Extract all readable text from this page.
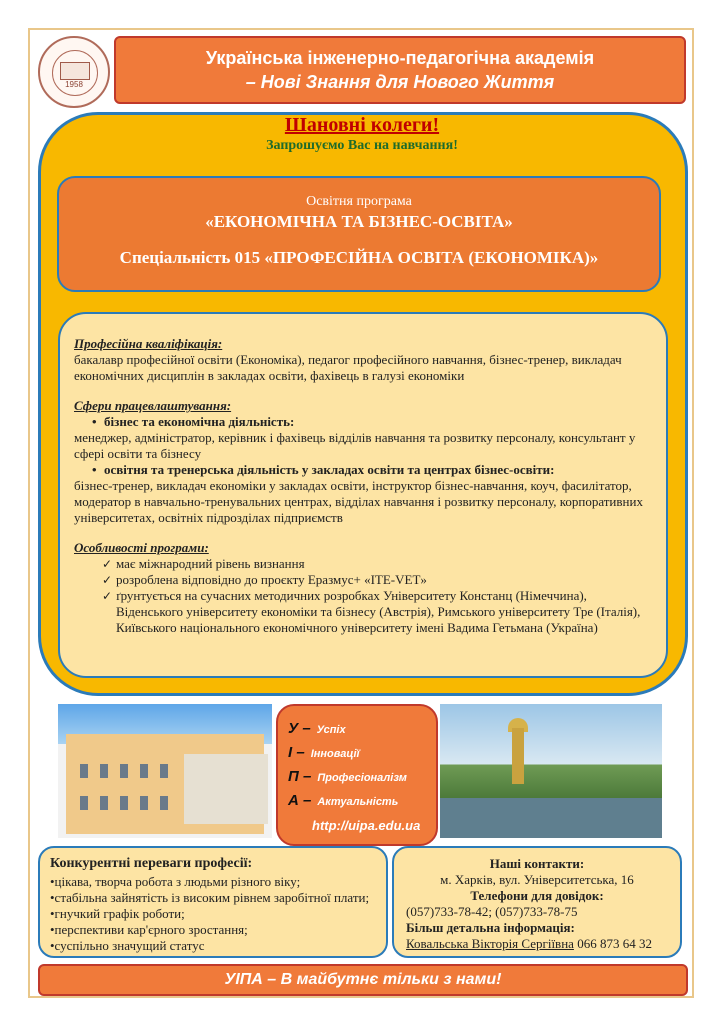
1958
Українська інженерно-педагогічна академія
– Нові Знання для Нового Життя
Шановні колеги!
Запрошуємо Вас на навчання!
Освітня програма
«ЕКОНОМІЧНА ТА БІЗНЕС-ОСВІТА»
Спеціальність 015 «ПРОФЕСІЙНА ОСВІТА (ЕКОНОМІКА)»
Професійна кваліфікація:
бакалавр професійної освіти (Економіка), педагог професійного навчання, бізнес-тренер, викладач економічних дисциплін в закладах освіти, фахівець в галузі економіки
Сфери працевлаштування:
• бізнес та економічна діяльність:
менеджер, адміністратор, керівник і фахівець відділів навчання та розвитку персоналу, консультант у сфері освіти та бізнесу
• освітня та тренерська діяльність у закладах освіти та центрах бізнес-освіти:
бізнес-тренер, викладач економіки у закладах освіти, інструктор бізнес-навчання, коуч, фасилітатор, модератор в навчально-тренувальних центрах, відділах навчання і розвитку персоналу, корпоративних університетах, освітніх підрозділах підприємств
Особливості програми:
✓ має міжнародний рівень визнання
✓ розроблена відповідно до проєкту Еразмус+ «ITE-VET»
✓ ґрунтується на сучасних методичних розробках Університету Констанц (Німеччина), Віденського університету економіки та бізнесу (Австрія), Римського університету Тре (Італія), Київського національного економічного університету імені Вадима Гетьмана (Україна)
У – Успіх
І – Інновації
П – Професіоналізм
А – Актуальність
http://uipa.edu.ua
Конкурентні переваги професії:
•цікава, творча робота з людьми різного віку;
•стабільна зайнятість із високим рівнем заробітної плати;
•гнучкий графік роботи;
•перспективи кар'єрного зростання;
•суспільно значущий статус
Наші контакти:
м. Харків, вул. Університетська, 16
Телефони для довідок:
(057)733-78-42; (057)733-78-75
Більш детальна інформація:
Ковальська Вікторія Сергіївна 066 873 64 32
УІПА – В майбутнє тільки з нами!
